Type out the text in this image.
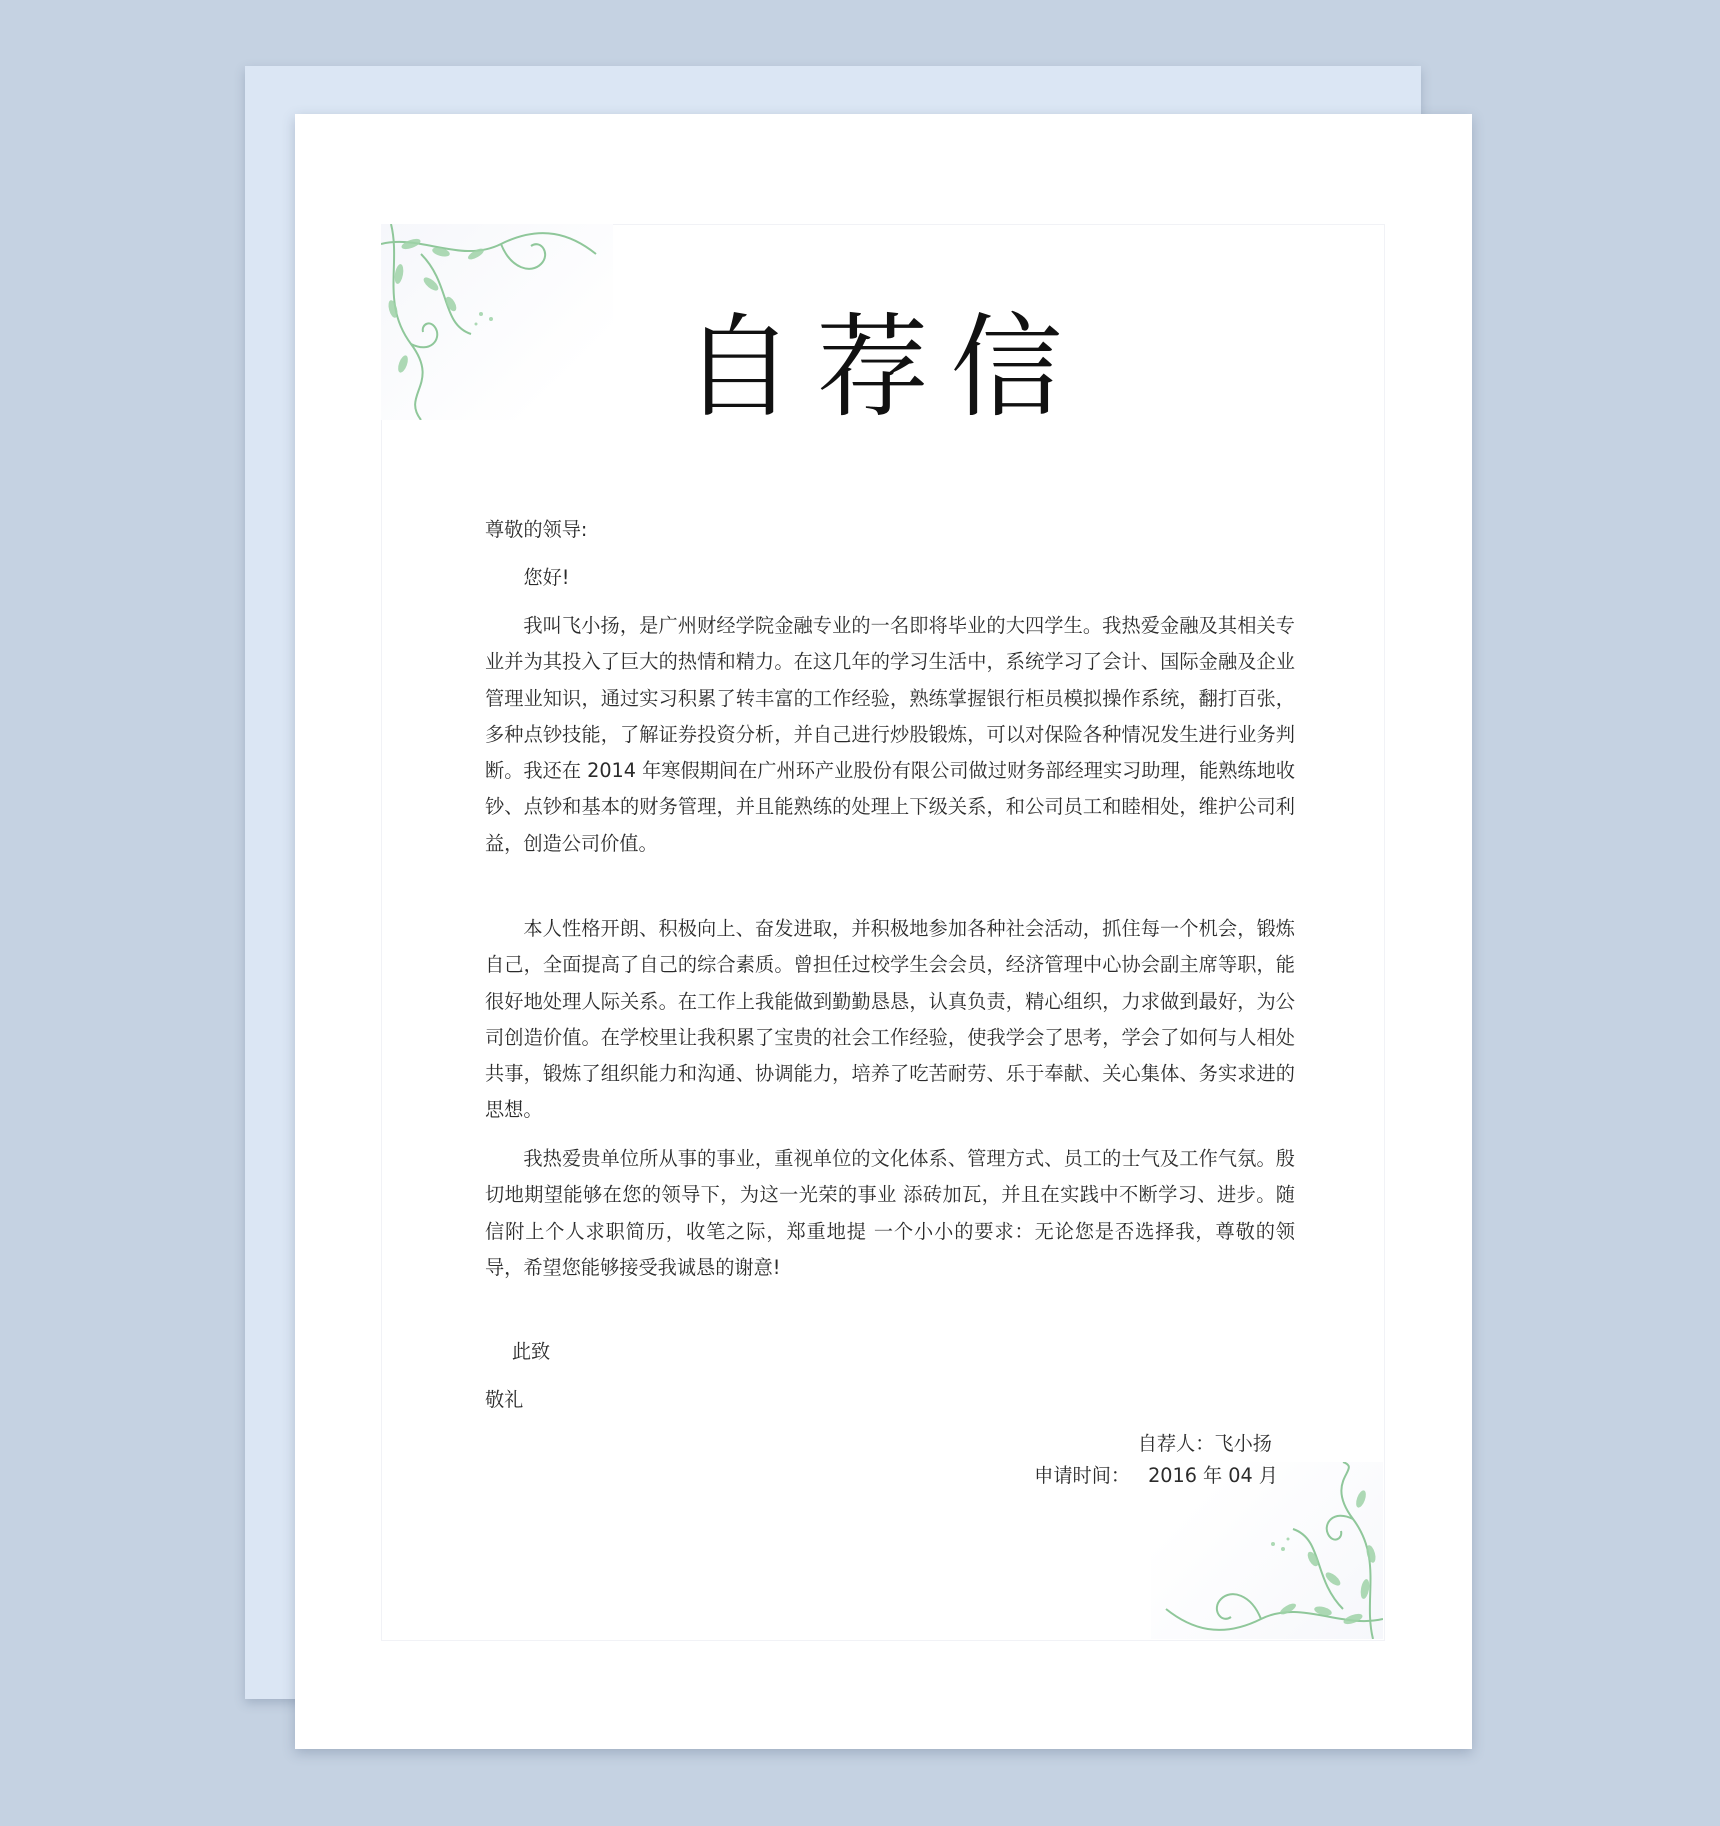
自荐信

尊敬的领导:

您好!

我叫飞小扬，是广州财经学院金融专业的一名即将毕业的大四学生。我热爱金融及其相关专业并为其投入了巨大的热情和精力。在这几年的学习生活中，系统学习了会计、国际金融及企业管理业知识，通过实习积累了转丰富的工作经验，熟练掌握银行柜员模拟操作系统，翻打百张，多种点钞技能，了解证券投资分析，并自己进行炒股锻炼，可以对保险各种情况发生进行业务判断。我还在 2014 年寒假期间在广州环产业股份有限公司做过财务部经理实习助理，能熟练地收钞、点钞和基本的财务管理，并且能熟练的处理上下级关系，和公司员工和睦相处，维护公司利益，创造公司价值。

本人性格开朗、积极向上、奋发进取，并积极地参加各种社会活动，抓住每一个机会，锻炼自己，全面提高了自己的综合素质。曾担任过校学生会会员，经济管理中心协会副主席等职，能很好地处理人际关系。在工作上我能做到勤勤恳恳，认真负责，精心组织，力求做到最好，为公司创造价值。在学校里让我积累了宝贵的社会工作经验，使我学会了思考，学会了如何与人相处共事，锻炼了组织能力和沟通、协调能力，培养了吃苦耐劳、乐于奉献、关心集体、务实求进的思想。

我热爱贵单位所从事的事业，重视单位的文化体系、管理方式、员工的士气及工作气氛。殷切地期望能够在您的领导下，为这一光荣的事业 添砖加瓦，并且在实践中不断学习、进步。随信附上个人求职简历，收笔之际，郑重地提 一个小小的要求：无论您是否选择我，尊敬的领导，希望您能够接受我诚恳的谢意!

此致

敬礼

自荐人：飞小扬
申请时间： 2016 年 04 月
